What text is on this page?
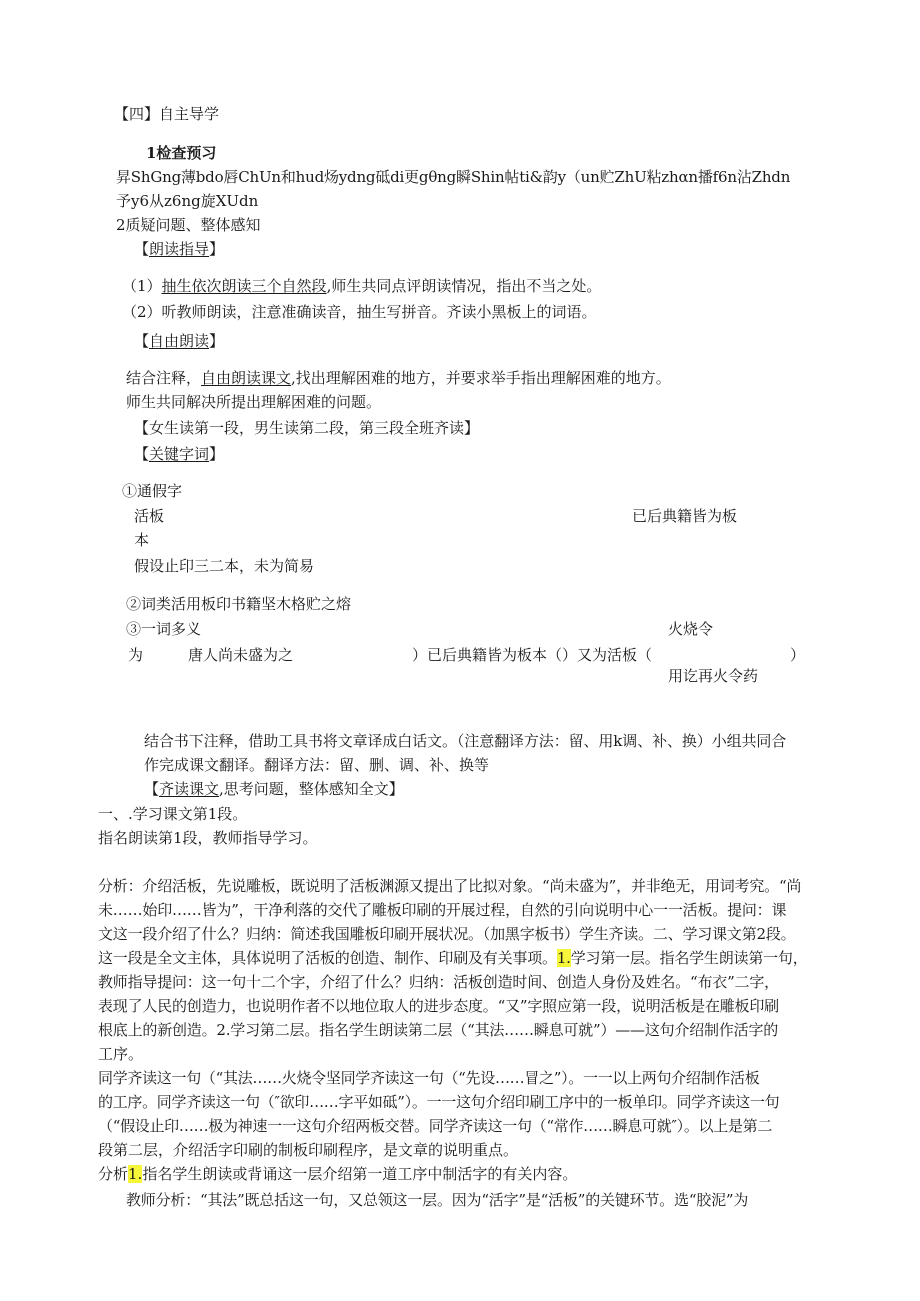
【四】自主导学
1检查预习
昇ShGng薄bdo唇ChUn和hud炀ydng砥di更gθng瞬Shin帖ti&韵y（un贮ZhU粘zhαn播f6n沾Zhdn
予y6从z6ng旋XUdn
2质疑问题、整体感知
【朗读指导】
（1）抽生依次朗读三个自然段,师生共同点评朗读情况，指出不当之处。
（2）听教师朗读，注意准确读音，抽生写拼音。齐读小黑板上的词语。
【自由朗读】
结合注释，自由朗读课文,找出理解困难的地方，并要求举手指出理解困难的地方。
师生共同解决所提出理解困难的问题。
【女生读第一段，男生读第二段，第三段全班齐读】
【关键字词】
①通假字
活板	已后典籍皆为板
本
假设止印三二本，未为简易
②词类活用板印书籍坚木格贮之熔
③一词多义	火烧令
为	唐人尚未盛为之	）已后典籍皆为板本（）又为活板（	）
用讫再火令药
结合书下注释，借助工具书将文章译成白话文。（注意翻译方法：留、用k调、补、换）小组共同合
作完成课文翻译。翻译方法：留、删、调、补、换等
【齐读课文,思考问题，整体感知全文】
一、.学习课文第1段。
指名朗读第1段，教师指导学习。
分析：介绍活板，先说雕板，既说明了活板渊源又提出了比拟对象。“尚未盛为”，并非绝无，用词考究。“尚
未……始印……皆为”，干净利落的交代了雕板印刷的开展过程，自然的引向说明中心一一活板。提问：课
文这一段介绍了什么？归纳：简述我国雕板印刷开展状况。（加黑字板书）学生齐读。二、学习课文第2段。
这一段是全文主体，具体说明了活板的创造、制作、印刷及有关事项。1.学习第一层。指名学生朗读第一句，
教师指导提问：这一句十二个字，介绍了什么？归纳：活板创造时间、创造人身份及姓名。“布衣”二字，
表现了人民的创造力，也说明作者不以地位取人的进步态度。“又”字照应第一段，说明活板是在雕板印刷
根底上的新创造。2.学习第二层。指名学生朗读第二层（“其法……瞬息可就”）——这句介绍制作活字的
工序。
同学齐读这一句（“其法……火烧令坚同学齐读这一句（“先设……冒之”）。一一以上两句介绍制作活板
的工序。同学齐读这一句（″欲印……字平如砥”）。一一这句介绍印刷工序中的一板单印。同学齐读这一句
（“假设止印……极为神速一一这句介绍两板交替。同学齐读这一句（“常作……瞬息可就″）。以上是第二
段第二层，介绍活字印刷的制板印刷程序，是文章的说明重点。
分析1.指名学生朗读或背诵这一层介绍第一道工序中制活字的有关内容。
教师分析：“其法”既总括这一句，又总领这一层。因为“活字”是“活板”的关键环节。选“胶泥”为
